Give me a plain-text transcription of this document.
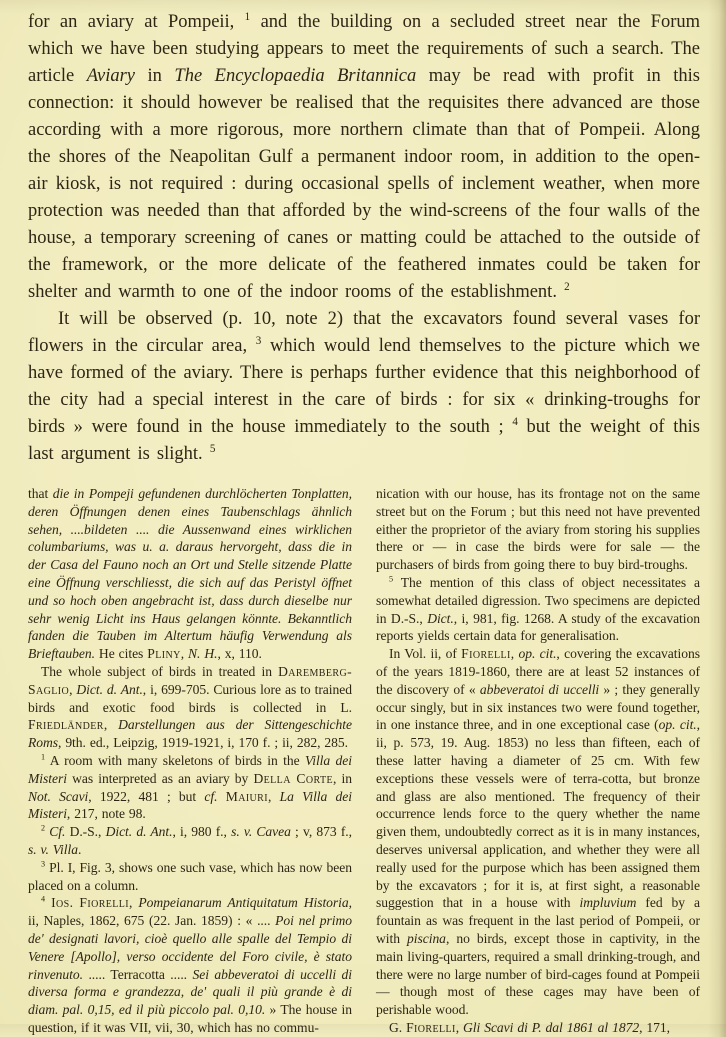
for an aviary at Pompeii, $^1$ and the building on a secluded street near the Forum which we have been studying appears to meet the requirements of such a search. The article Aviary in The Encyclopaedia Britannica may be read with profit in this connection: it should however be realised that the requisites there advanced are those according with a more rigorous, more northern climate than that of Pompeii. Along the shores of the Neapolitan Gulf a permanent indoor room, in addition to the open-air kiosk, is not required : during occasional spells of inclement weather, when more protection was needed than that afforded by the wind-screens of the four walls of the house, a temporary screening of canes or matting could be attached to the outside of the framework, or the more delicate of the feathered inmates could be taken for shelter and warmth to one of the indoor rooms of the establishment. $^2$

It will be observed (p. 10, note 2) that the excavators found several vases for flowers in the circular area, $^3$ which would lend themselves to the picture which we have formed of the aviary. There is perhaps further evidence that this neighborhood of the city had a special interest in the care of birds : for six « drinking-troughs for birds » were found in the house immediately to the south ; $^4$ but the weight of this last argument is slight. $^5$

that die in Pompeji gefundenen durchlöcherten Tonplatten, deren Öffnungen denen eines Taubenschlags ähnlich sehen, ....bildeten .... die Aussenwand eines wirklichen columbariums, was u. a. daraus hervorgeht, dass die in der Casa del Fauno noch an Ort und Stelle sitzende Platte eine Öffnung verschliesst, die sich auf das Peristyl öffnet und so hoch oben angebracht ist, dass durch dieselbe nur sehr wenig Licht ins Haus gelangen könnte. Bekanntlich fanden die Tauben im Altertum häufig Verwendung als Brieftauben. He cites Pliny, N. H., x, 110.

The whole subject of birds in treated in Daremberg-Saglio, Dict. d. Ant., i, 699-705. Curious lore as to trained birds and exotic food birds is collected in L. Friedländer, Darstellungen aus der Sittengeschichte Roms, 9th. ed., Leipzig, 1919-1921, i, 170 f. ; ii, 282, 285.

$^1$ A room with many skeletons of birds in the Villa dei Misteri was interpreted as an aviary by Della Corte, in Not. Scavi, 1922, 481 ; but cf. Maiuri, La Villa dei Misteri, 217, note 98.

$^2$ Cf. D.-S., Dict. d. Ant., i, 980 f., s. v. Cavea ; v, 873 f., s. v. Villa.

$^3$ Pl. I, Fig. 3, shows one such vase, which has now been placed on a column.

$^4$ Ios. Fiorelli, Pompeianarum Antiquitatum Historia, ii, Naples, 1862, 675 (22. Jan. 1859) : « .... Poi nel primo de' designati lavori, cioè quello alle spalle del Tempio di Venere [Apollo], verso occidente del Foro civile, è stato rinvenuto. ..... Terracotta ..... Sei abbeveratoi di uccelli di diversa forma e grandezza, de' quali il più grande è di diam. pal. 0,15, ed il più piccolo pal. 0,10. » The house in question, if it was VII, vii, 30, which has no commu-

nication with our house, has its frontage not on the same street but on the Forum ; but this need not have prevented either the proprietor of the aviary from storing his supplies there or — in case the birds were for sale — the purchasers of birds from going there to buy bird-troughs.

$^5$ The mention of this class of object necessitates a somewhat detailed digression. Two specimens are depicted in D.-S., Dict., i, 981, fig. 1268. A study of the excavation reports yields certain data for generalisation.

In Vol. ii, of Fiorelli, op. cit., covering the excavations of the years 1819-1860, there are at least 52 instances of the discovery of « abbeveratoi di uccelli » ; they generally occur singly, but in six instances two were found together, in one instance three, and in one exceptional case (op. cit., ii, p. 573, 19. Aug. 1853) no less than fifteen, each of these latter having a diameter of 25 cm. With few exceptions these vessels were of terra-cotta, but bronze and glass are also mentioned. The frequency of their occurrence lends force to the query whether the name given them, undoubtedly correct as it is in many instances, deserves universal application, and whether they were all really used for the purpose which has been assigned them by the excavators ; for it is, at first sight, a reasonable suggestion that in a house with impluvium fed by a fountain as was frequent in the last period of Pompeii, or with piscina, no birds, except those in captivity, in the main living-quarters, required a small drinking-trough, and there were no large number of bird-cages found at Pompeii — though most of these cages may have been of perishable wood.

G. Fiorelli, Gli Scavi di P. dal 1861 al 1872, 171,
